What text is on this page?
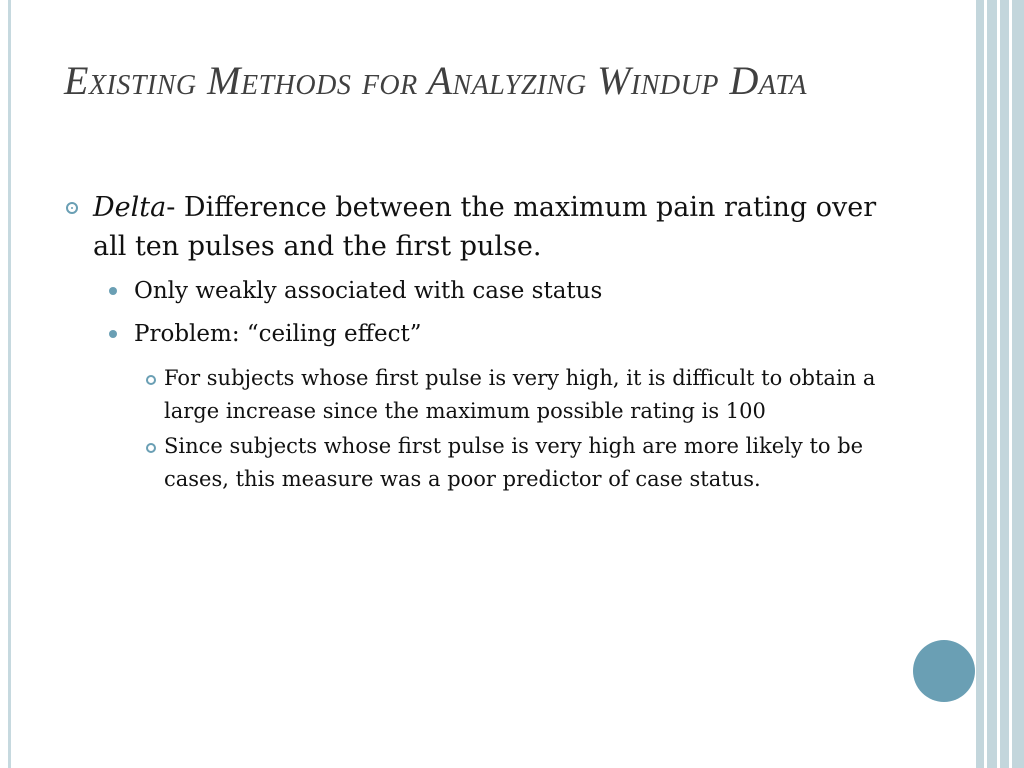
Existing Methods for Analyzing Windup Data
Delta- Difference between the maximum pain rating over all ten pulses and the first pulse.
Only weakly associated with case status
Problem: “ceiling effect”
For subjects whose first pulse is very high, it is difficult to obtain a large increase since the maximum possible rating is 100
Since subjects whose first pulse is very high are more likely to be cases, this measure was a poor predictor of case status.
